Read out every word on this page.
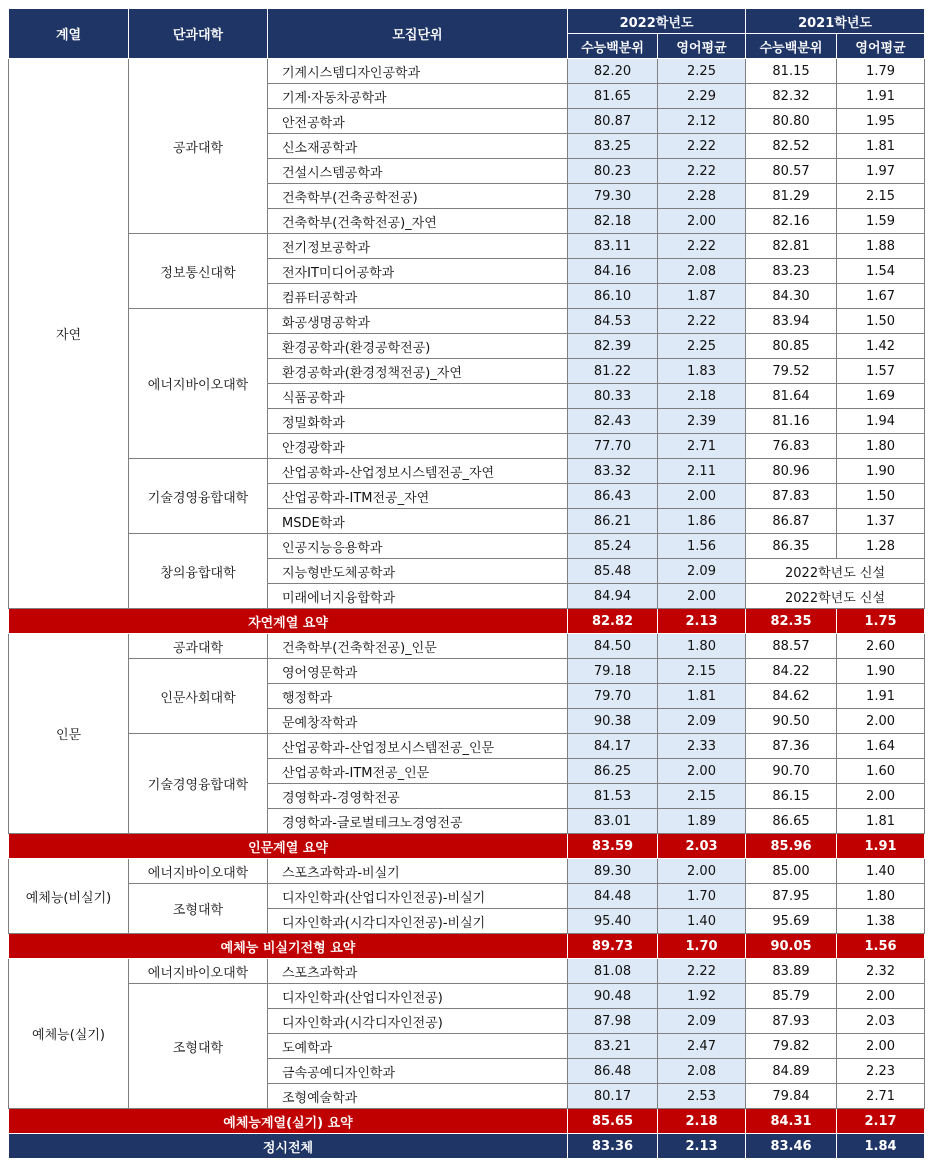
계열	단과대학	모집단위	2022학년도		2021학년도	
			수능백분위	영어평균	수능백분위	영어평균
자연	공과대학	기계시스템디자인공학과	82.20	2.25	81.15	1.79
		기계·자동차공학과	81.65	2.29	82.32	1.91
		안전공학과	80.87	2.12	80.80	1.95
		신소재공학과	83.25	2.22	82.52	1.81
		건설시스템공학과	80.23	2.22	80.57	1.97
		건축학부(건축공학전공)	79.30	2.28	81.29	2.15
		건축학부(건축학전공)_자연	82.18	2.00	82.16	1.59
	정보통신대학	전기정보공학과	83.11	2.22	82.81	1.88
		전자IT미디어공학과	84.16	2.08	83.23	1.54
		컴퓨터공학과	86.10	1.87	84.30	1.67
	에너지바이오대학	화공생명공학과	84.53	2.22	83.94	1.50
		환경공학과(환경공학전공)	82.39	2.25	80.85	1.42
		환경공학과(환경정책전공)_자연	81.22	1.83	79.52	1.57
		식품공학과	80.33	2.18	81.64	1.69
		정밀화학과	82.43	2.39	81.16	1.94
		안경광학과	77.70	2.71	76.83	1.80
	기술경영융합대학	산업공학과-산업정보시스템전공_자연	83.32	2.11	80.96	1.90
		산업공학과-ITM전공_자연	86.43	2.00	87.83	1.50
		MSDE학과	86.21	1.86	86.87	1.37
	창의융합대학	인공지능응용학과	85.24	1.56	86.35	1.28
		지능형반도체공학과	85.48	2.09	2022학년도 신설	
		미래에너지융합학과	84.94	2.00	2022학년도 신설	
자연계열 요약			82.82	2.13	82.35	1.75
인문	공과대학	건축학부(건축학전공)_인문	84.50	1.80	88.57	2.60
	인문사회대학	영어영문학과	79.18	2.15	84.22	1.90
		행정학과	79.70	1.81	84.62	1.91
		문예창작학과	90.38	2.09	90.50	2.00
	기술경영융합대학	산업공학과-산업정보시스템전공_인문	84.17	2.33	87.36	1.64
		산업공학과-ITM전공_인문	86.25	2.00	90.70	1.60
		경영학과-경영학전공	81.53	2.15	86.15	2.00
		경영학과-글로벌테크노경영전공	83.01	1.89	86.65	1.81
인문계열 요약			83.59	2.03	85.96	1.91
예체능(비실기)	에너지바이오대학	스포츠과학과-비실기	89.30	2.00	85.00	1.40
	조형대학	디자인학과(산업디자인전공)-비실기	84.48	1.70	87.95	1.80
		디자인학과(시각디자인전공)-비실기	95.40	1.40	95.69	1.38
예체능 비실기전형 요약			89.73	1.70	90.05	1.56
예체능(실기)	에너지바이오대학	스포츠과학과	81.08	2.22	83.89	2.32
	조형대학	디자인학과(산업디자인전공)	90.48	1.92	85.79	2.00
		디자인학과(시각디자인전공)	87.98	2.09	87.93	2.03
		도예학과	83.21	2.47	79.82	2.00
		금속공예디자인학과	86.48	2.08	84.89	2.23
		조형예술학과	80.17	2.53	79.84	2.71
예체능계열(실기) 요약			85.65	2.18	84.31	2.17
정시전체			83.36	2.13	83.46	1.84
